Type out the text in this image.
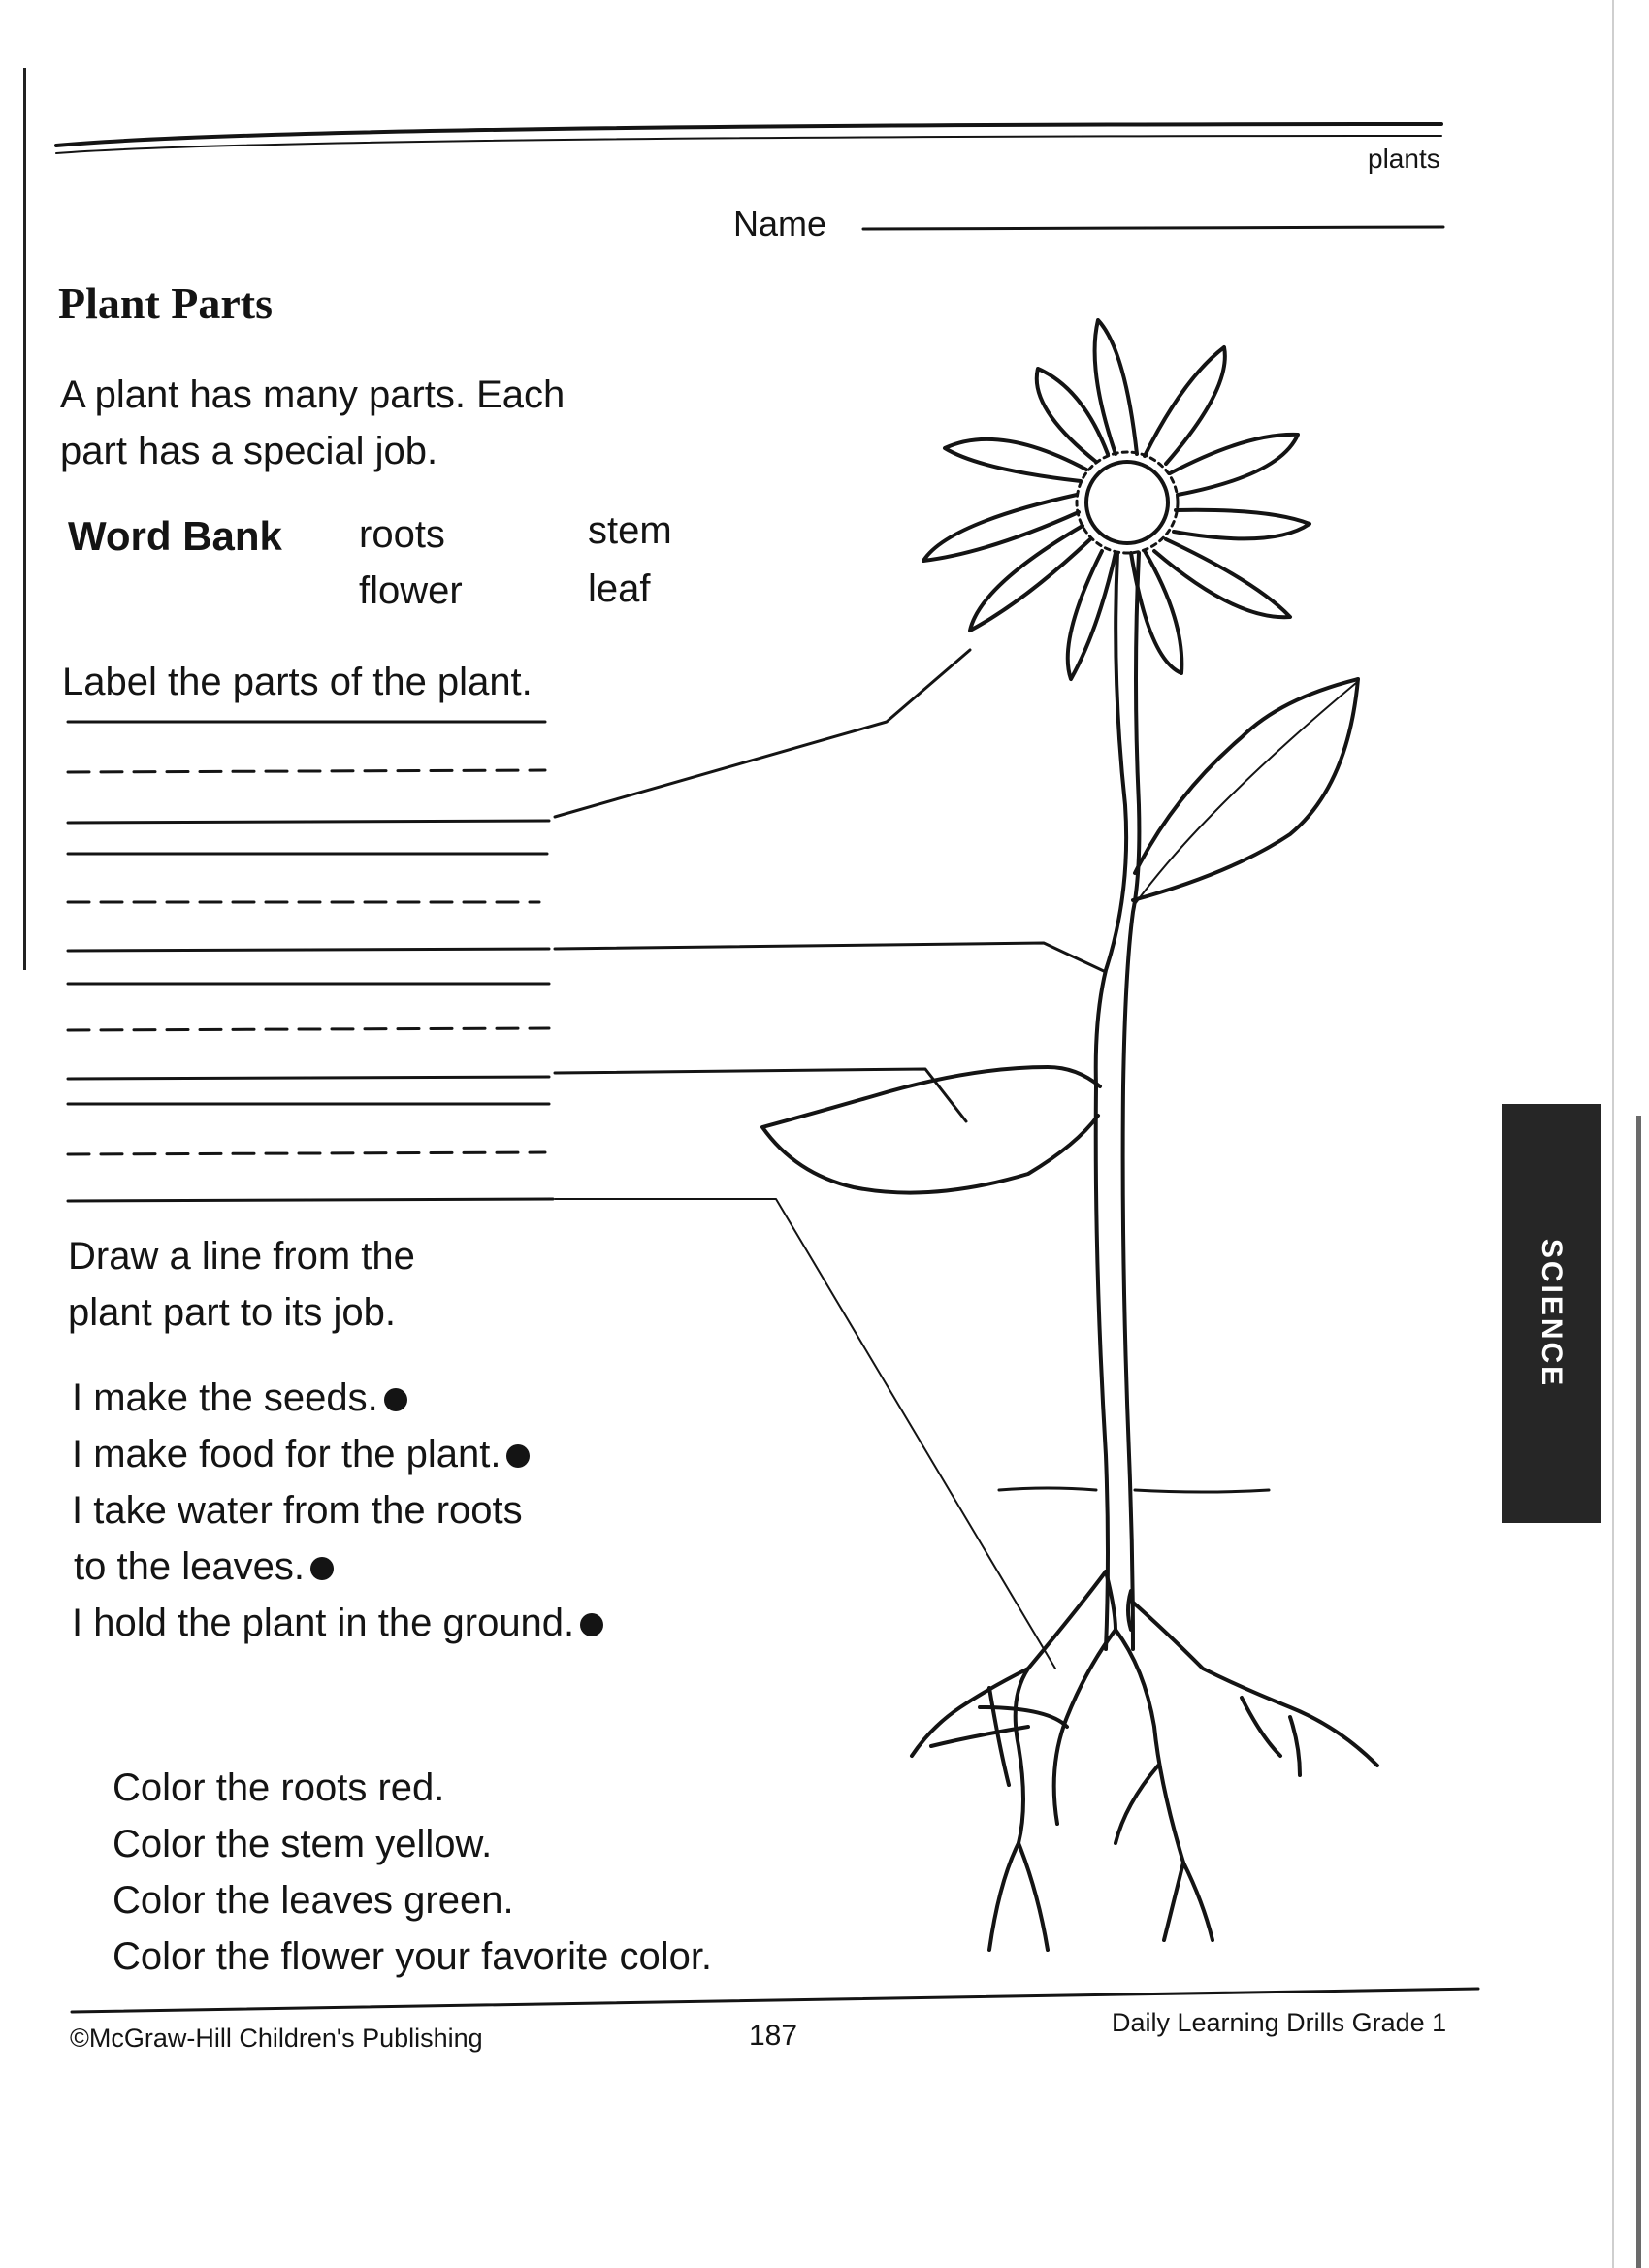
plants
Name
Plant Parts
A plant has many parts. Each
part has a special job.
Word Bank roots	stem
flower	leaf
Label the parts of the plant.
Draw a line from the
plant part to its job.
I make the seeds.
I make food for the plant.
I take water from the roots
to the leaves.
I hold the plant in the ground.
Color the roots red.
Color the stem yellow.
Color the leaves green.
Color the flower your favorite color.
SCIENCE
©McGraw-Hill Children's Publishing	187	Daily Learning Drills Grade 1
